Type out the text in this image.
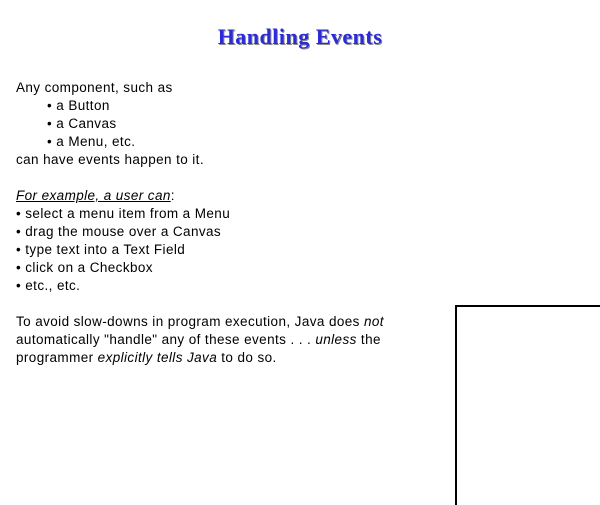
Handling Events
Any component, such as
• a Button
• a Canvas
• a Menu, etc.
can have events happen to it.
For example, a user can:
• select a menu item from a Menu
• drag the mouse over a Canvas
• type text into a Text Field
• click on a Checkbox
• etc., etc.
To avoid slow-downs in program execution, Java does not
automatically "handle" any of these events . . . unless the
programmer explicitly tells Java to do so.
